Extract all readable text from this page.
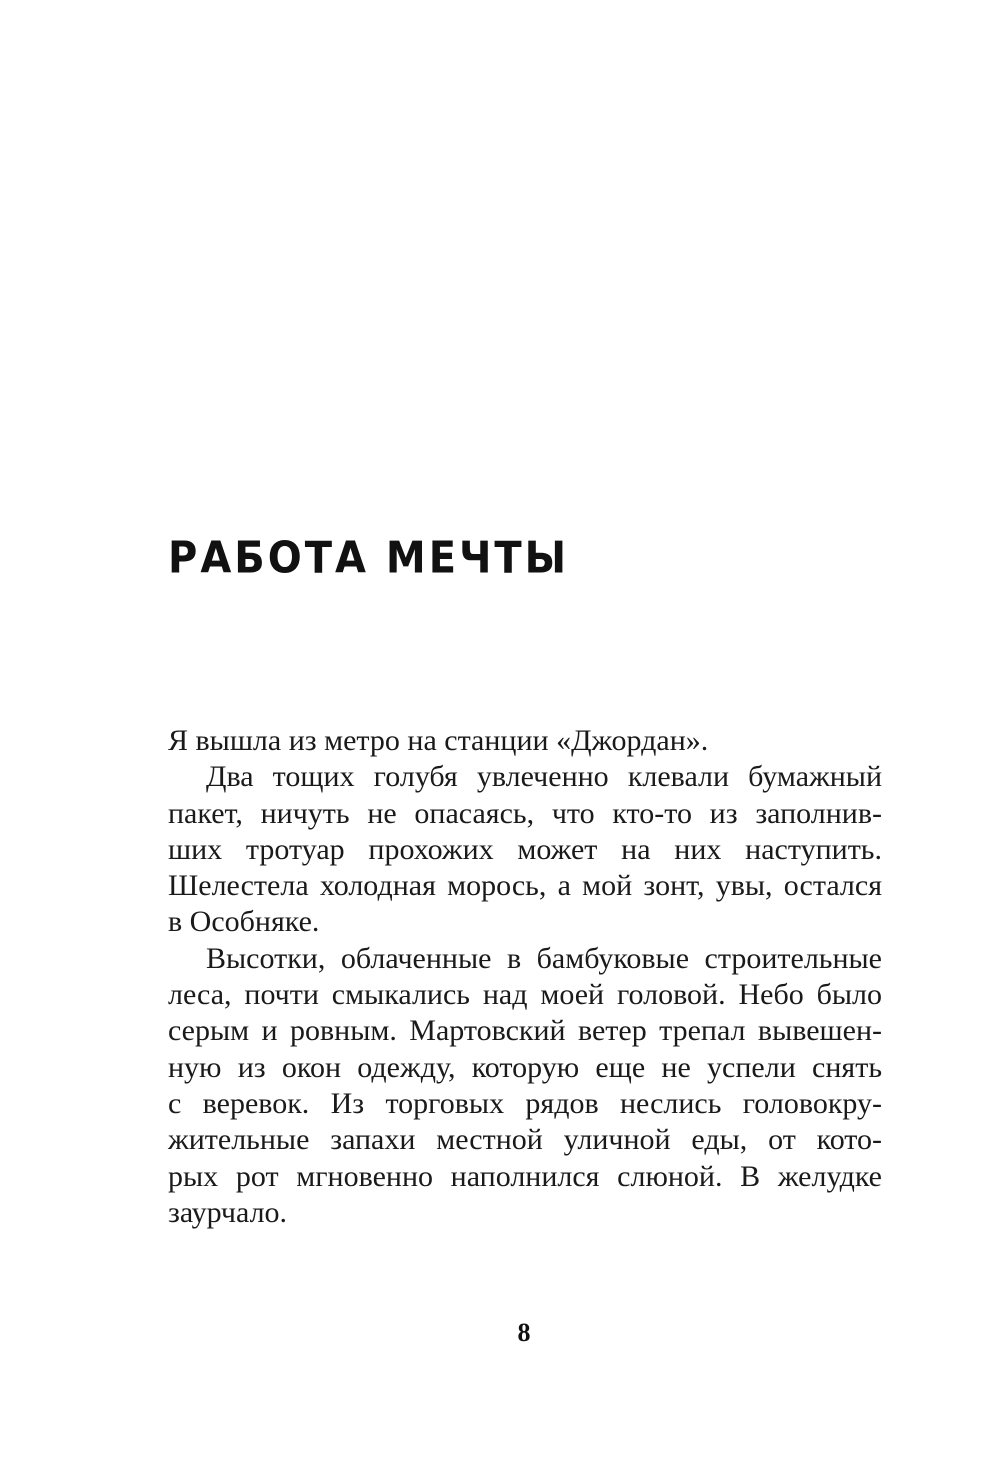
РАБОТА МЕЧТЫ

Я вышла из метро на станции «Джордан».

Два тощих голубя увлеченно клевали бумажный
пакет, ничуть не опасаясь, что кто-то из заполнив-
ших тротуар прохожих может на них наступить.
Шелестела холодная морось, а мой зонт, увы, остался
в Особняке.

Высотки, облаченные в бамбуковые строительные
леса, почти смыкались над моей головой. Небо было
серым и ровным. Мартовский ветер трепал вывешен-
ную из окон одежду, которую еще не успели снять
с веревок. Из торговых рядов неслись головокру-
жительные запахи местной уличной еды, от кото-
рых рот мгновенно наполнился слюной. В желудке
заурчало.

8
